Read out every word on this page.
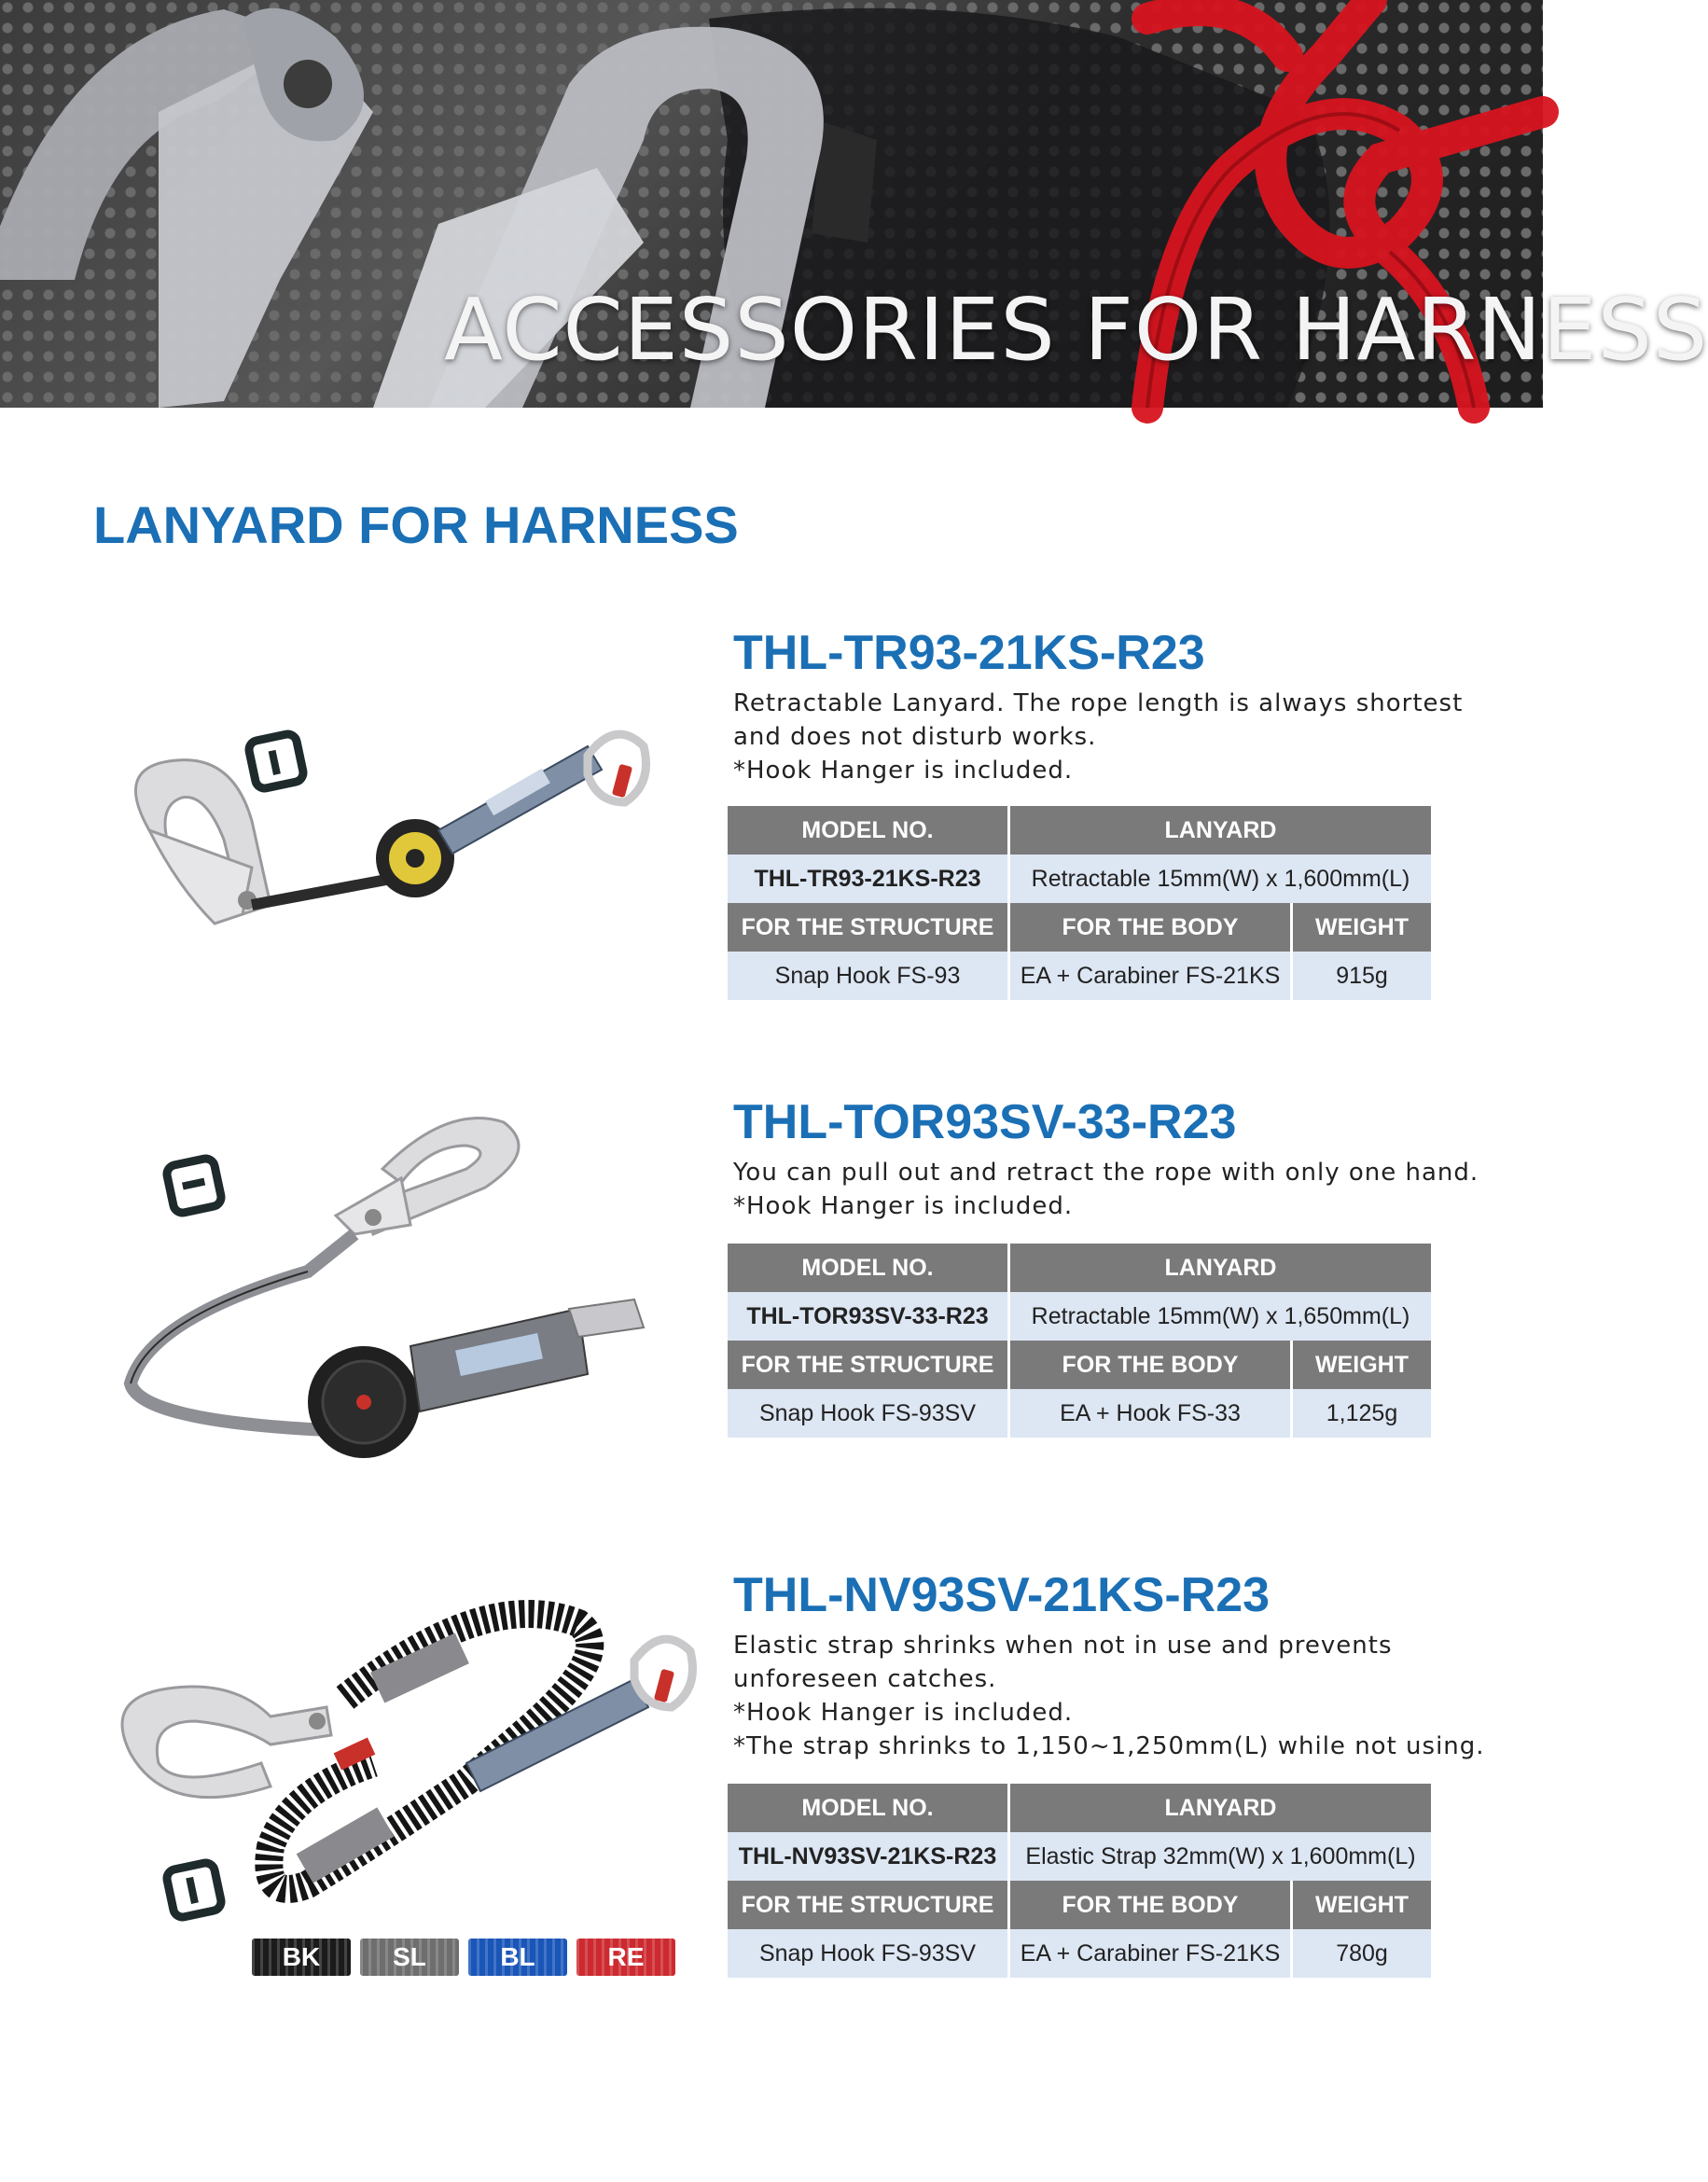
ACCESSORIES FOR HARNESS
LANYARD FOR HARNESS
THL-TR93-21KS-R23
Retractable Lanyard. The rope length is always shortest
and does not disturb works.
*Hook Hanger is included.
MODEL NO.	LANYARD	
THL-TR93-21KS-R23	Retractable 15mm(W) x 1,600mm(L)	
FOR THE STRUCTURE	FOR THE BODY	WEIGHT
Snap Hook FS-93	EA + Carabiner FS-21KS	915g
THL-TOR93SV-33-R23
You can pull out and retract the rope with only one hand.
*Hook Hanger is included.
MODEL NO.	LANYARD	
THL-TOR93SV-33-R23	Retractable 15mm(W) x 1,650mm(L)	
FOR THE STRUCTURE	FOR THE BODY	WEIGHT
Snap Hook FS-93SV	EA + Hook FS-33	1,125g
BK	SL	BL	RE
THL-NV93SV-21KS-R23
Elastic strap shrinks when not in use and prevents
unforeseen catches.
*Hook Hanger is included.
*The strap shrinks to 1,150~1,250mm(L) while not using.
MODEL NO.	LANYARD	
THL-NV93SV-21KS-R23	Elastic Strap 32mm(W) x 1,600mm(L)	
FOR THE STRUCTURE	FOR THE BODY	WEIGHT
Snap Hook FS-93SV	EA + Carabiner FS-21KS	780g
